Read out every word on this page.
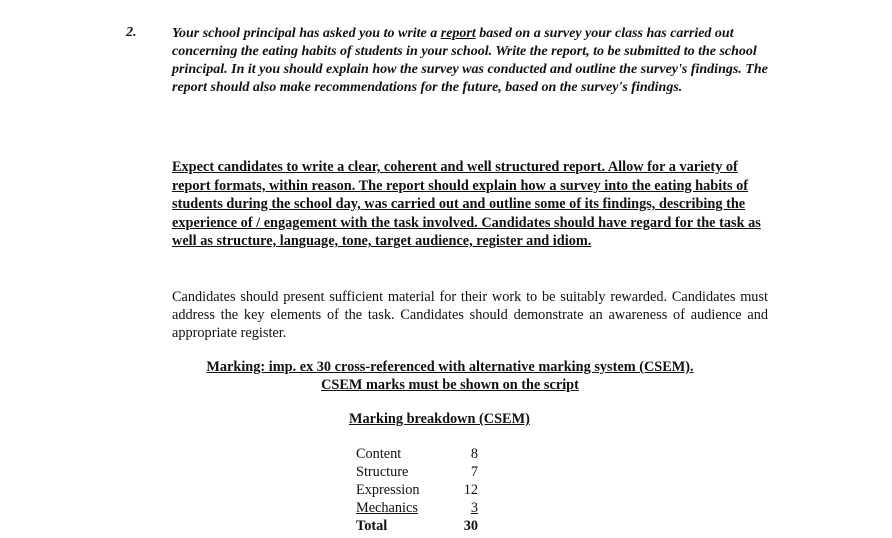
2.	Your school principal has asked you to write a report based on a survey your class has carried out concerning the eating habits of students in your school. Write the report, to be submitted to the school principal. In it you should explain how the survey was conducted and outline the survey's findings. The report should also make recommendations for the future, based on the survey's findings.
Expect candidates to write a clear, coherent and well structured report. Allow for a variety of report formats, within reason. The report should explain how a survey into the eating habits of students during the school day, was carried out and outline some of its findings, describing the experience of / engagement with the task involved. Candidates should have regard for the task as well as structure, language, tone, target audience, register and idiom.
Candidates should present sufficient material for their work to be suitably rewarded. Candidates must address the key elements of the task. Candidates should demonstrate an awareness of audience and appropriate register.
Marking: imp. ex 30 cross-referenced with alternative marking system (CSEM).
CSEM marks must be shown on the script
Marking breakdown (CSEM)
Content	8
Structure	7
Expression	12
Mechanics	3
Total	30
